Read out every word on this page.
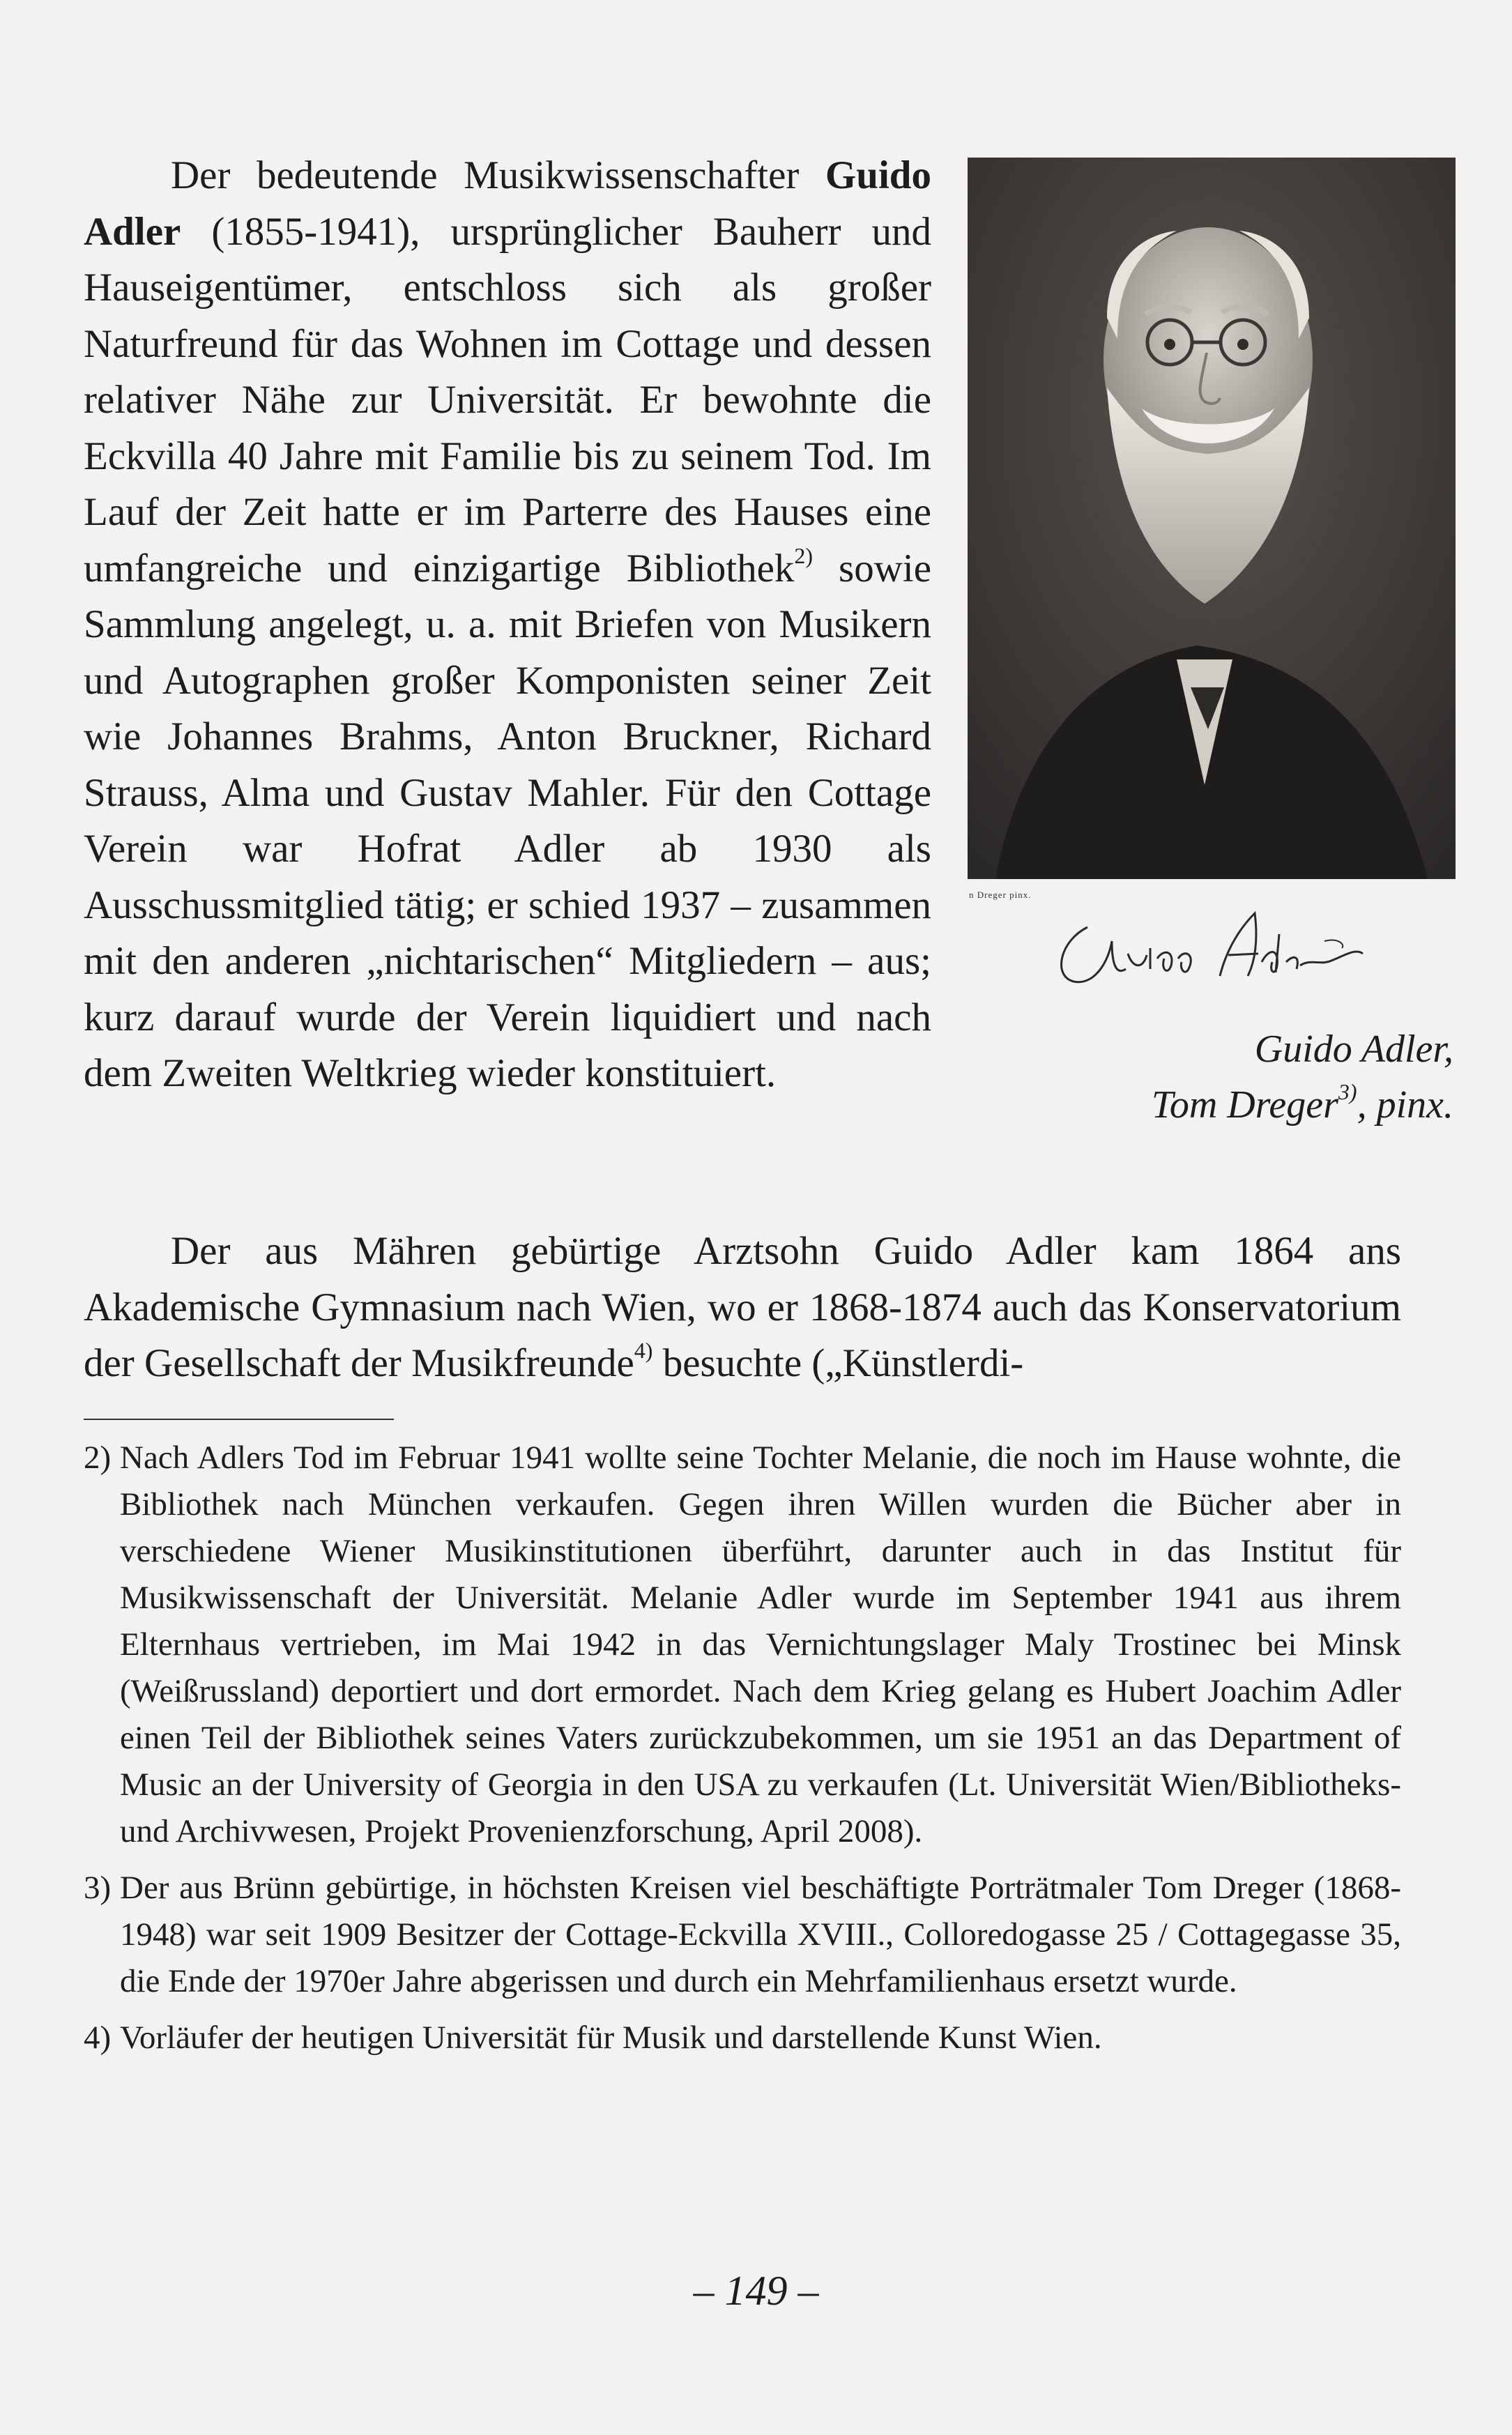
Der bedeutende Musikwissenschafter Guido Adler (1855-1941), ursprünglicher Bauherr und Hauseigentümer, entschloss sich als großer Naturfreund für das Wohnen im Cottage und dessen relativer Nähe zur Universität. Er bewohnte die Eckvilla 40 Jahre mit Familie bis zu seinem Tod. Im Lauf der Zeit hatte er im Parterre des Hauses eine umfangreiche und einzigartige Bibliothek$^{2)}$ sowie Sammlung angelegt, u. a. mit Briefen von Musikern und Autographen großer Komponisten seiner Zeit wie Johannes Brahms, Anton Bruckner, Richard Strauss, Alma und Gustav Mahler. Für den Cottage Verein war Hofrat Adler ab 1930 als Ausschussmitglied tätig; er schied 1937 – zusammen mit den anderen „nichtarischen“ Mitgliedern – aus; kurz darauf wurde der Verein liquidiert und nach dem Zweiten Weltkrieg wieder konstituiert.

n Dreger pinx.
Guido Adler,
Tom Dreger$^{3)}$, pinx.

Der aus Mähren gebürtige Arztsohn Guido Adler kam 1864 ans Akademische Gymnasium nach Wien, wo er 1868-1874 auch das Konservatorium der Gesellschaft der Musikfreunde$^{4)}$ besuchte („Künstlerdi-

2) Nach Adlers Tod im Februar 1941 wollte seine Tochter Melanie, die noch im Hause wohnte, die Bibliothek nach München verkaufen. Gegen ihren Willen wurden die Bücher aber in verschiedene Wiener Musikinstitutionen überführt, darunter auch in das Institut für Musikwissenschaft der Universität. Melanie Adler wurde im September 1941 aus ihrem Elternhaus vertrieben, im Mai 1942 in das Vernichtungslager Maly Trostinec bei Minsk (Weißrussland) deportiert und dort ermordet. Nach dem Krieg gelang es Hubert Joachim Adler einen Teil der Bibliothek seines Vaters zurückzubekommen, um sie 1951 an das Department of Music an der University of Georgia in den USA zu verkaufen (Lt. Universität Wien/Bibliotheks- und Archivwesen, Projekt Provenienzforschung, April 2008).
3) Der aus Brünn gebürtige, in höchsten Kreisen viel beschäftigte Porträtmaler Tom Dreger (1868-1948) war seit 1909 Besitzer der Cottage-Eckvilla XVIII., Colloredogasse 25 / Cottagegasse 35, die Ende der 1970er Jahre abgerissen und durch ein Mehrfamilienhaus ersetzt wurde.
4) Vorläufer der heutigen Universität für Musik und darstellende Kunst Wien.
– 149 –
